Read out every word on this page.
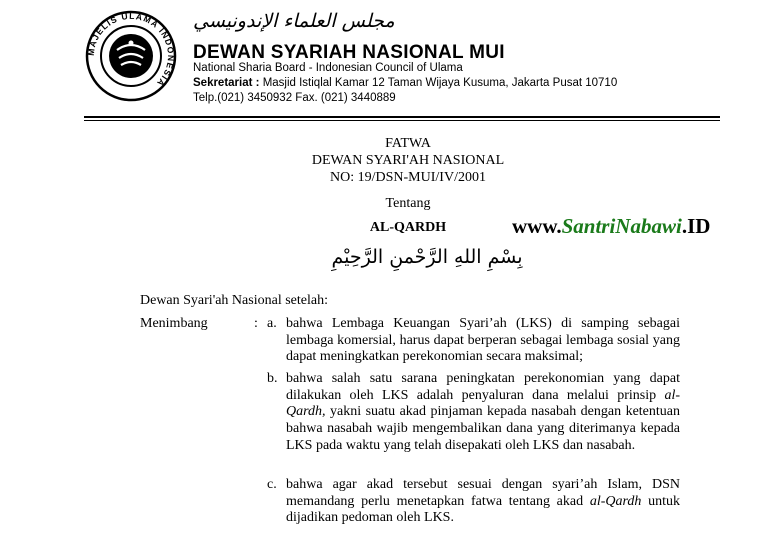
MAJELIS ULAMA INDONESIA
مجلس العلماء الإندونيسي
DEWAN SYARIAH NASIONAL MUI
National Sharia Board - Indonesian Council of Ulama
Sekretariat : Masjid Istiqlal Kamar 12 Taman Wijaya Kusuma, Jakarta Pusat 10710
Telp.(021) 3450932 Fax. (021) 3440889
FATWA
DEWAN SYARI'AH NASIONAL
NO: 19/DSN-MUI/IV/2001
Tentang
AL-QARDH	www.SantriNabawi.ID
بِسْمِ اللهِ الرَّحْمنِ الرَّحِيْمِ
Dewan Syari'ah Nasional setelah:
Menimbang	: a. bahwa Lembaga Keuangan Syari’ah (LKS) di samping sebagai lembaga komersial, harus dapat berperan sebagai lembaga sosial yang dapat meningkatkan perekonomian secara maksimal;
b. bahwa salah satu sarana peningkatan perekonomian yang dapat dilakukan oleh LKS adalah penyaluran dana melalui prinsip al-Qardh, yakni suatu akad pinjaman kepada nasabah dengan ketentuan bahwa nasabah wajib mengembalikan dana yang diterimanya kepada LKS pada waktu yang telah disepakati oleh LKS dan nasabah.
c. bahwa agar akad tersebut sesuai dengan syari’ah Islam, DSN memandang perlu menetapkan fatwa tentang akad al-Qardh untuk dijadikan pedoman oleh LKS.
